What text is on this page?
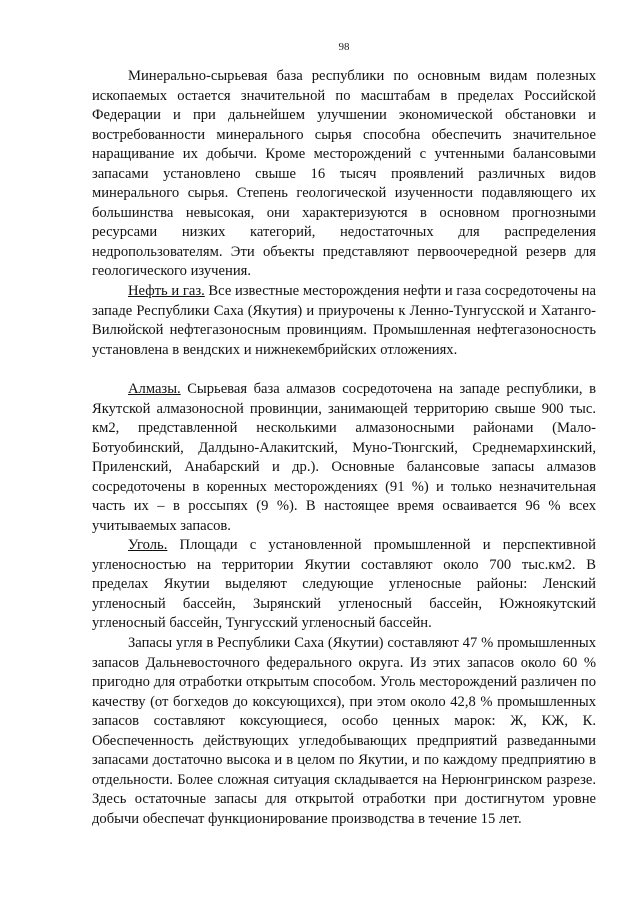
98

Минерально-сырьевая база республики по основным видам полезных ископаемых остается значительной по масштабам в пределах Российской Федерации и при дальнейшем улучшении экономической обстановки и востребованности минерального сырья способна обеспечить значительное наращивание их добычи. Кроме месторождений с учтенными балансовыми запасами установлено свыше 16 тысяч проявлений различных видов минерального сырья. Степень геологической изученности подавляющего их большинства невысокая, они характеризуются в основном прогнозными ресурсами низких категорий, недостаточных для распределения недропользователям. Эти объекты представляют первоочередной резерв для геологического изучения.

Нефть и газ. Все известные месторождения нефти и газа сосредоточены на западе Республики Саха (Якутия) и приурочены к Ленно-Тунгусской и Хатанго-Вилюйской нефтегазоносным провинциям. Промышленная нефтегазоносность установлена в вендских и нижнекембрийских отложениях.

Алмазы. Сырьевая база алмазов сосредоточена на западе республики, в Якутской алмазоносной провинции, занимающей территорию свыше 900 тыс. км2, представленной несколькими алмазоносными районами (Мало-Ботуобинский, Далдыно-Алакитский, Муно-Тюнгский, Среднемархинский, Приленский, Анабарский и др.). Основные балансовые запасы алмазов сосредоточены в коренных месторождениях (91 %) и только незначительная часть их – в россыпях (9 %). В настоящее время осваивается 96 % всех учитываемых запасов.

Уголь. Площади с установленной промышленной и перспективной угленосностью на территории Якутии составляют около 700 тыс.км2. В пределах Якутии выделяют следующие угленосные районы: Ленский угленосный бассейн, Зырянский угленосный бассейн, Южноякутский угленосный бассейн, Тунгусский угленосный бассейн.

Запасы угля в Республики Саха (Якутии) составляют 47 % промышленных запасов Дальневосточного федерального округа. Из этих запасов около 60 % пригодно для отработки открытым способом. Уголь месторождений различен по качеству (от богхедов до коксующихся), при этом около 42,8 % промышленных запасов составляют коксующиеся, особо ценных марок: Ж, КЖ, К. Обеспеченность действующих угледобывающих предприятий разведанными запасами достаточно высока и в целом по Якутии, и по каждому предприятию в отдельности. Более сложная ситуация складывается на Нерюнгринском разрезе. Здесь остаточные запасы для открытой отработки при достигнутом уровне добычи обеспечат функционирование производства в течение 15 лет.
